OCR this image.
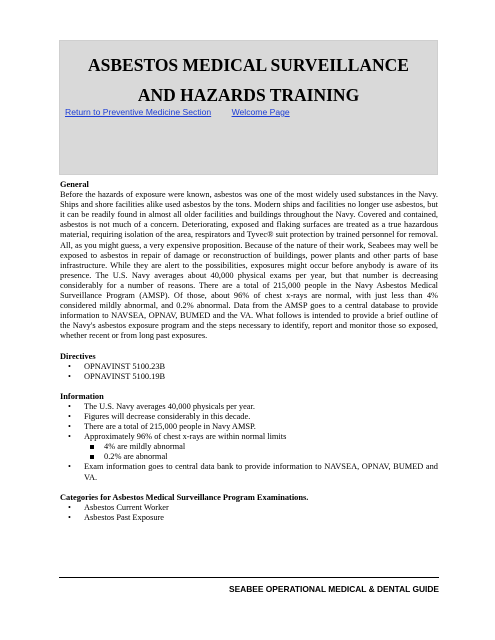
ASBESTOS MEDICAL SURVEILLANCE
AND HAZARDS TRAINING
Return to Preventive Medicine Section Welcome Page

General

Before the hazards of exposure were known, asbestos was one of the most widely used substances in the Navy. Ships and shore facilities alike used asbestos by the tons. Modern ships and facilities no longer use asbestos, but it can be readily found in almost all older facilities and buildings throughout the Navy. Covered and contained, asbestos is not much of a concern. Deteriorating, exposed and flaking surfaces are treated as a true hazardous material, requiring isolation of the area, respirators and Tyvec® suit protection by trained personnel for removal. All, as you might guess, a very expensive proposition. Because of the nature of their work, Seabees may well be exposed to asbestos in repair of damage or reconstruction of buildings, power plants and other parts of base infrastructure. While they are alert to the possibilities, exposures might occur before anybody is aware of its presence. The U.S. Navy averages about 40,000 physical exams per year, but that number is decreasing considerably for a number of reasons. There are a total of 215,000 people in the Navy Asbestos Medical Surveillance Program (AMSP). Of those, about 96% of chest x-rays are normal, with just less than 4% considered mildly abnormal, and 0.2% abnormal. Data from the AMSP goes to a central database to provide information to NAVSEA, OPNAV, BUMED and the VA. What follows is intended to provide a brief outline of the Navy's asbestos exposure program and the steps necessary to identify, report and monitor those so exposed, whether recent or from long past exposures.

Directives

• OPNAVINST 5100.23B
• OPNAVINST 5100.19B

Information

• The U.S. Navy averages 40,000 physicals per year.
• Figures will decrease considerably in this decade.
• There are a total of 215,000 people in Navy AMSP.
• Approximately 96% of chest x-rays are within normal limits
4% are mildly abnormal
0.2% are abnormal
• Exam information goes to central data bank to provide information to NAVSEA, OPNAV, BUMED and VA.

Categories for Asbestos Medical Surveillance Program Examinations.

• Asbestos Current Worker
• Asbestos Past Exposure
SEABEE OPERATIONAL MEDICAL & DENTAL GUIDE
